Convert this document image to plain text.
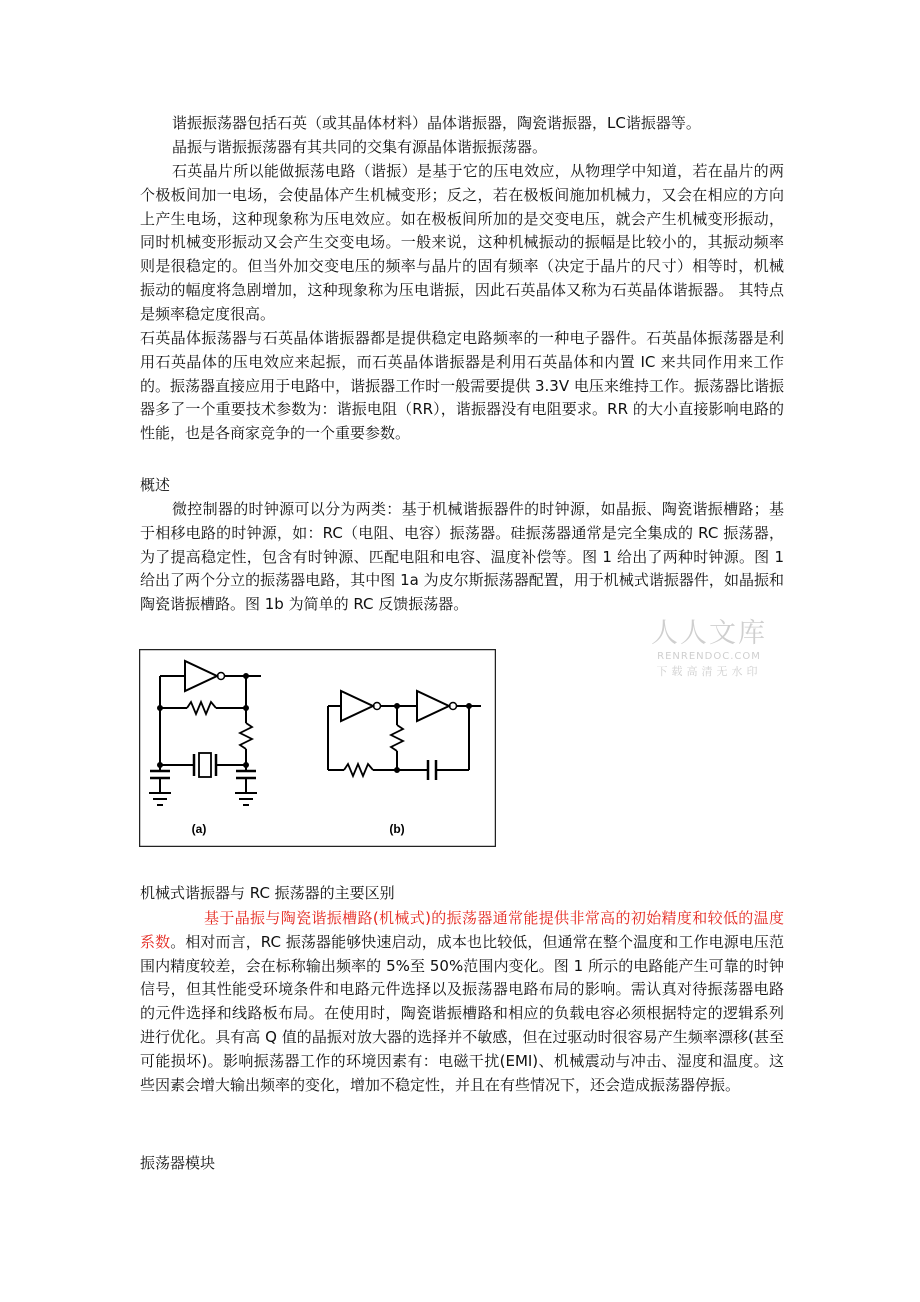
谐振振荡器包括石英（或其晶体材料）晶体谐振器，陶瓷谐振器，LC谐振器等。
晶振与谐振振荡器有其共同的交集有源晶体谐振振荡器。
石英晶片所以能做振荡电路（谐振）是基于它的压电效应，从物理学中知道，若在晶片的两个极板间加一电场，会使晶体产生机械变形；反之，若在极板间施加机械力，又会在相应的方向上产生电场，这种现象称为压电效应。如在极板间所加的是交变电压，就会产生机械变形振动，同时机械变形振动又会产生交变电场。一般来说，这种机械振动的振幅是比较小的，其振动频率则是很稳定的。但当外加交变电压的频率与晶片的固有频率（决定于晶片的尺寸）相等时，机械振动的幅度将急剧增加，这种现象称为压电谐振，因此石英晶体又称为石英晶体谐振器。 其特点是频率稳定度很高。
石英晶体振荡器与石英晶体谐振器都是提供稳定电路频率的一种电子器件。石英晶体振荡器是利用石英晶体的压电效应来起振，而石英晶体谐振器是利用石英晶体和内置 IC 来共同作用来工作的。振荡器直接应用于电路中，谐振器工作时一般需要提供 3.3V 电压来维持工作。振荡器比谐振器多了一个重要技术参数为：谐振电阻（RR），谐振器没有电阻要求。RR 的大小直接影响电路的性能，也是各商家竞争的一个重要参数。
概述
微控制器的时钟源可以分为两类：基于机械谐振器件的时钟源，如晶振、陶瓷谐振槽路；基于相移电路的时钟源，如：RC（电阻、电容）振荡器。硅振荡器通常是完全集成的 RC 振荡器，为了提高稳定性，包含有时钟源、匹配电阻和电容、温度补偿等。图 1 给出了两种时钟源。图 1 给出了两个分立的振荡器电路，其中图 1a 为皮尔斯振荡器配置，用于机械式谐振器件，如晶振和陶瓷谐振槽路。图 1b 为简单的 RC 反馈振荡器。
人人文库
RENRENDOC.COM
下载高清无水印
(a)	(b)
机械式谐振器与 RC 振荡器的主要区别
基于晶振与陶瓷谐振槽路(机械式)的振荡器通常能提供非常高的初始精度和较低的温度系数。相对而言，RC 振荡器能够快速启动，成本也比较低，但通常在整个温度和工作电源电压范围内精度较差，会在标称输出频率的 5%至 50%范围内变化。图 1 所示的电路能产生可靠的时钟信号，但其性能受环境条件和电路元件选择以及振荡器电路布局的影响。需认真对待振荡器电路的元件选择和线路板布局。在使用时，陶瓷谐振槽路和相应的负载电容必须根据特定的逻辑系列进行优化。具有高 Q 值的晶振对放大器的选择并不敏感，但在过驱动时很容易产生频率漂移(甚至可能损坏)。影响振荡器工作的环境因素有：电磁干扰(EMI)、机械震动与冲击、湿度和温度。这些因素会增大输出频率的变化，增加不稳定性，并且在有些情况下，还会造成振荡器停振。
振荡器模块
